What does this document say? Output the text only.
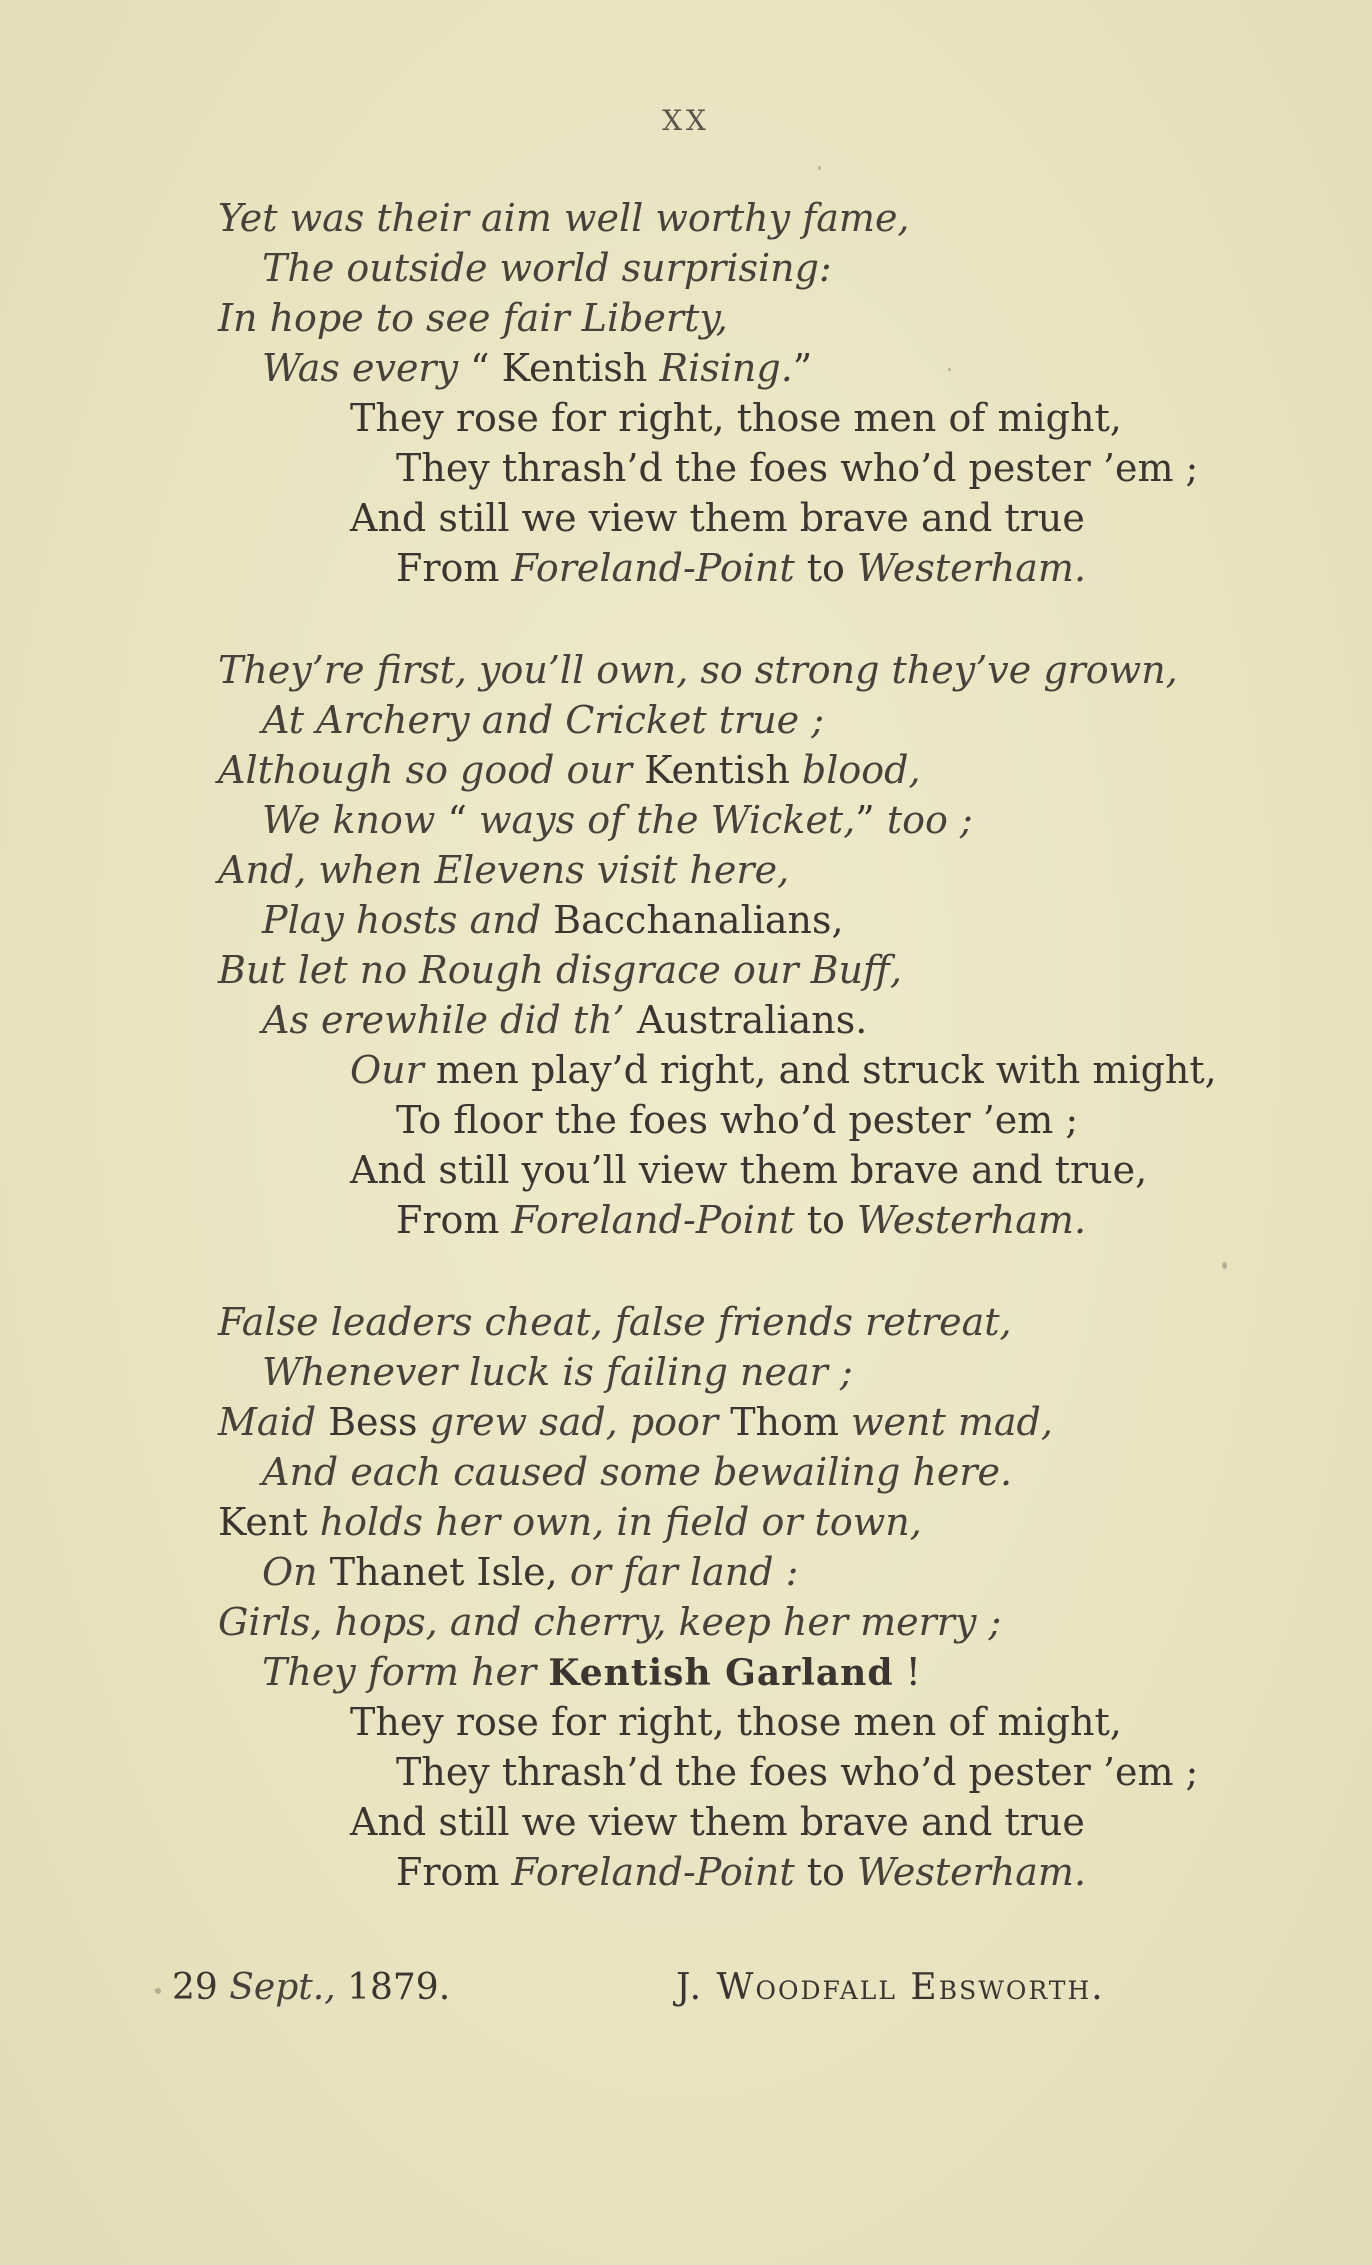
XX
Yet was their aim well worthy fame,
The outside world surprising:
In hope to see fair Liberty,
Was every “ Kentish Rising.”
They rose for right, those men of might,
They thrash’d the foes who’d pester ’em ;
And still we view them brave and true
From Foreland-Point to Westerham.
They’re first, you’ll own, so strong they’ve grown,
At Archery and Cricket true ;
Although so good our Kentish blood,
We know “ ways of the Wicket,” too ;
And, when Elevens visit here,
Play hosts and Bacchanalians,
But let no Rough disgrace our Buff,
As erewhile did th’ Australians.
Our men play’d right, and struck with might,
To floor the foes who’d pester ’em ;
And still you’ll view them brave and true,
From Foreland-Point to Westerham.
False leaders cheat, false friends retreat,
Whenever luck is failing near ;
Maid Bess grew sad, poor Thom went mad,
And each caused some bewailing here.
Kent holds her own, in field or town,
On Thanet Isle, or far land :
Girls, hops, and cherry, keep her merry ;
They form her Kentish Garland !
They rose for right, those men of might,
They thrash’d the foes who’d pester ’em ;
And still we view them brave and true
From Foreland-Point to Westerham.
29 Sept., 1879.	J. Woodfall Ebsworth.
